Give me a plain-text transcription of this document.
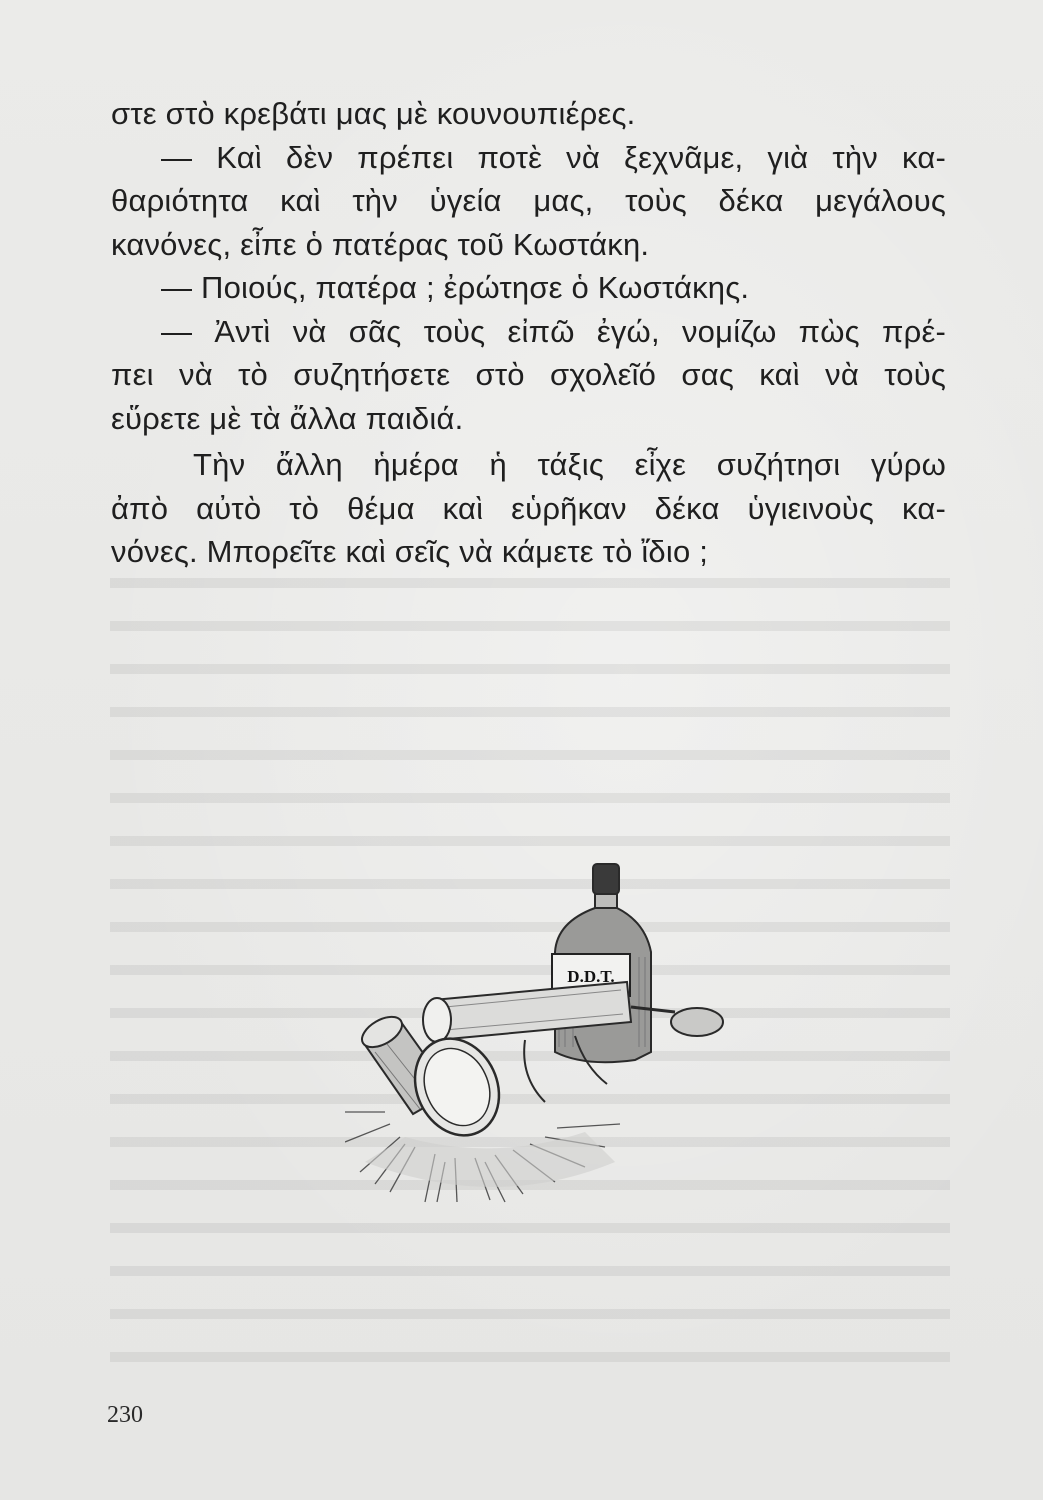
στε στὸ κρεβάτι μας μὲ κουνουπιέρες.
— Καὶ δὲν πρέπει ποτὲ νὰ ξεχνᾶμε, γιὰ τὴν κα-
θαριότητα καὶ τὴν ὑγεία μας, τοὺς δέκα μεγάλους
κανόνες, εἶπε ὁ πατέρας τοῦ Κωστάκη.
— Ποιούς, πατέρα ; ἐρώτησε ὁ Κωστάκης.
— Ἀντὶ νὰ σᾶς τοὺς εἰπῶ ἐγώ, νομίζω πὼς πρέ-
πει νὰ τὸ συζητήσετε στὸ σχολεῖό σας καὶ νὰ τοὺς
εὕρετε μὲ τὰ ἄλλα παιδιά.
Τὴν ἄλλη ἡμέρα ἡ τάξις εἶχε συζήτησι γύρω
ἀπὸ αὐτὸ τὸ θέμα καὶ εὑρῆκαν δέκα ὑγιεινοὺς κα-
νόνες. Μπορεῖτε καὶ σεῖς νὰ κάμετε τὸ ἴδιο ;
D.D.T.
230
